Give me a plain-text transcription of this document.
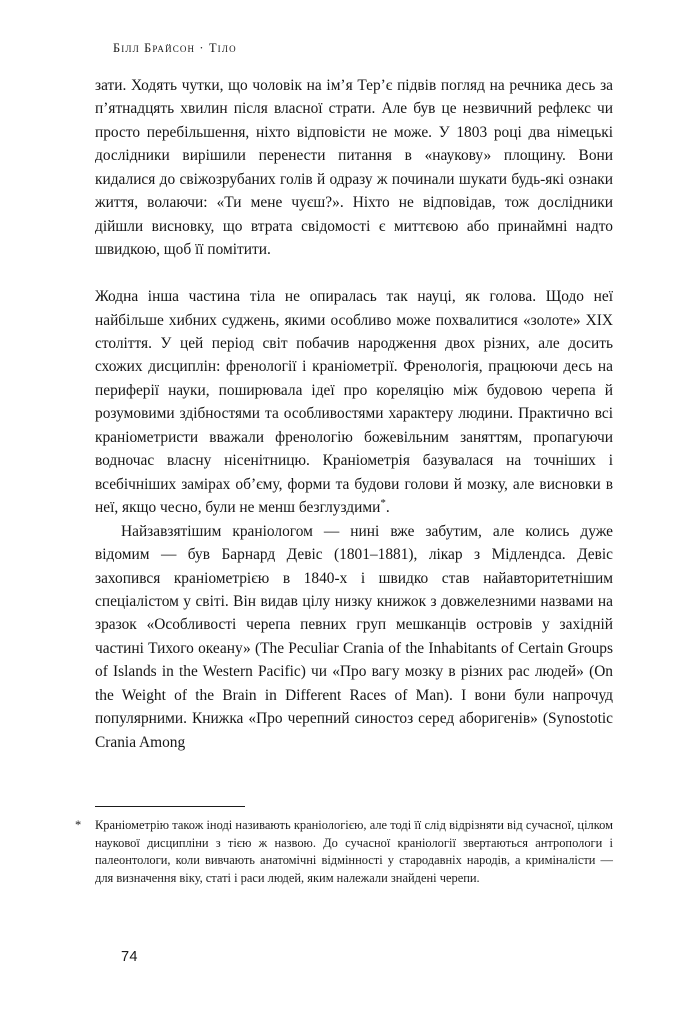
Білл Брайсон · Тіло

зати. Ходять чутки, що чоловік на ім’я Тер’є підвів погляд на речника десь за п’ятнадцять хвилин після власної страти. Але був це незвичний рефлекс чи просто перебільшення, ніхто відповісти не може. У 1803 році два німецькі дослідники вирішили перенести питання в «наукову» площину. Вони кидалися до свіжозрубаних голів й одразу ж починали шукати будь-які ознаки життя, волаючи: «Ти мене чуєш?». Ніхто не відповідав, тож дослідники дійшли висновку, що втрата свідомості є миттєвою або принаймні надто швидкою, щоб її помітити.

Жодна інша частина тіла не опиралась так науці, як голова. Щодо неї найбільше хибних суджень, якими особливо може похвалитися «золоте» XIX століття. У цей період світ побачив народження двох різних, але досить схожих дисциплін: френології і краніометрії. Френологія, працюючи десь на периферії науки, поширювала ідеї про кореляцію між будовою черепа й розумовими здібностями та особливостями характеру людини. Практично всі краніометристи вважали френологію божевільним заняттям, пропагуючи водночас власну нісенітницю. Краніометрія базувалася на точніших і всебічніших замірах об’єму, форми та будови голови й мозку, але висновки в неї, якщо чесно, були не менш безглуздими*.

Найзавзятішим краніологом — нині вже забутим, але колись дуже відомим — був Барнард Девіс (1801–1881), лікар з Мідлендса. Девіс захопився краніометрією в 1840-х і швидко став найавторитетнішим спеціалістом у світі. Він видав цілу низку книжок з довжелезними назвами на зразок «Особливості черепа певних груп мешканців островів у західній частині Тихого океану» (The Peculiar Crania of the Inhabitants of Certain Groups of Islands in the Western Pacific) чи «Про вагу мозку в різних рас людей» (On the Weight of the Brain in Different Races of Man). І вони були напрочуд популярними. Книжка «Про черепний синостоз серед аборигенів» (Synostotic Crania Among

*	Краніометрію також іноді називають краніологією, але тоді її слід відрізняти від сучасної, цілком наукової дисципліни з тією ж назвою. До сучасної краніології звертаються антропологи і палеонтологи, коли вивчають анатомічні відмінності у стародавніх народів, а криміналісти — для визначення віку, статі і раси людей, яким належали знайдені черепи.
74
